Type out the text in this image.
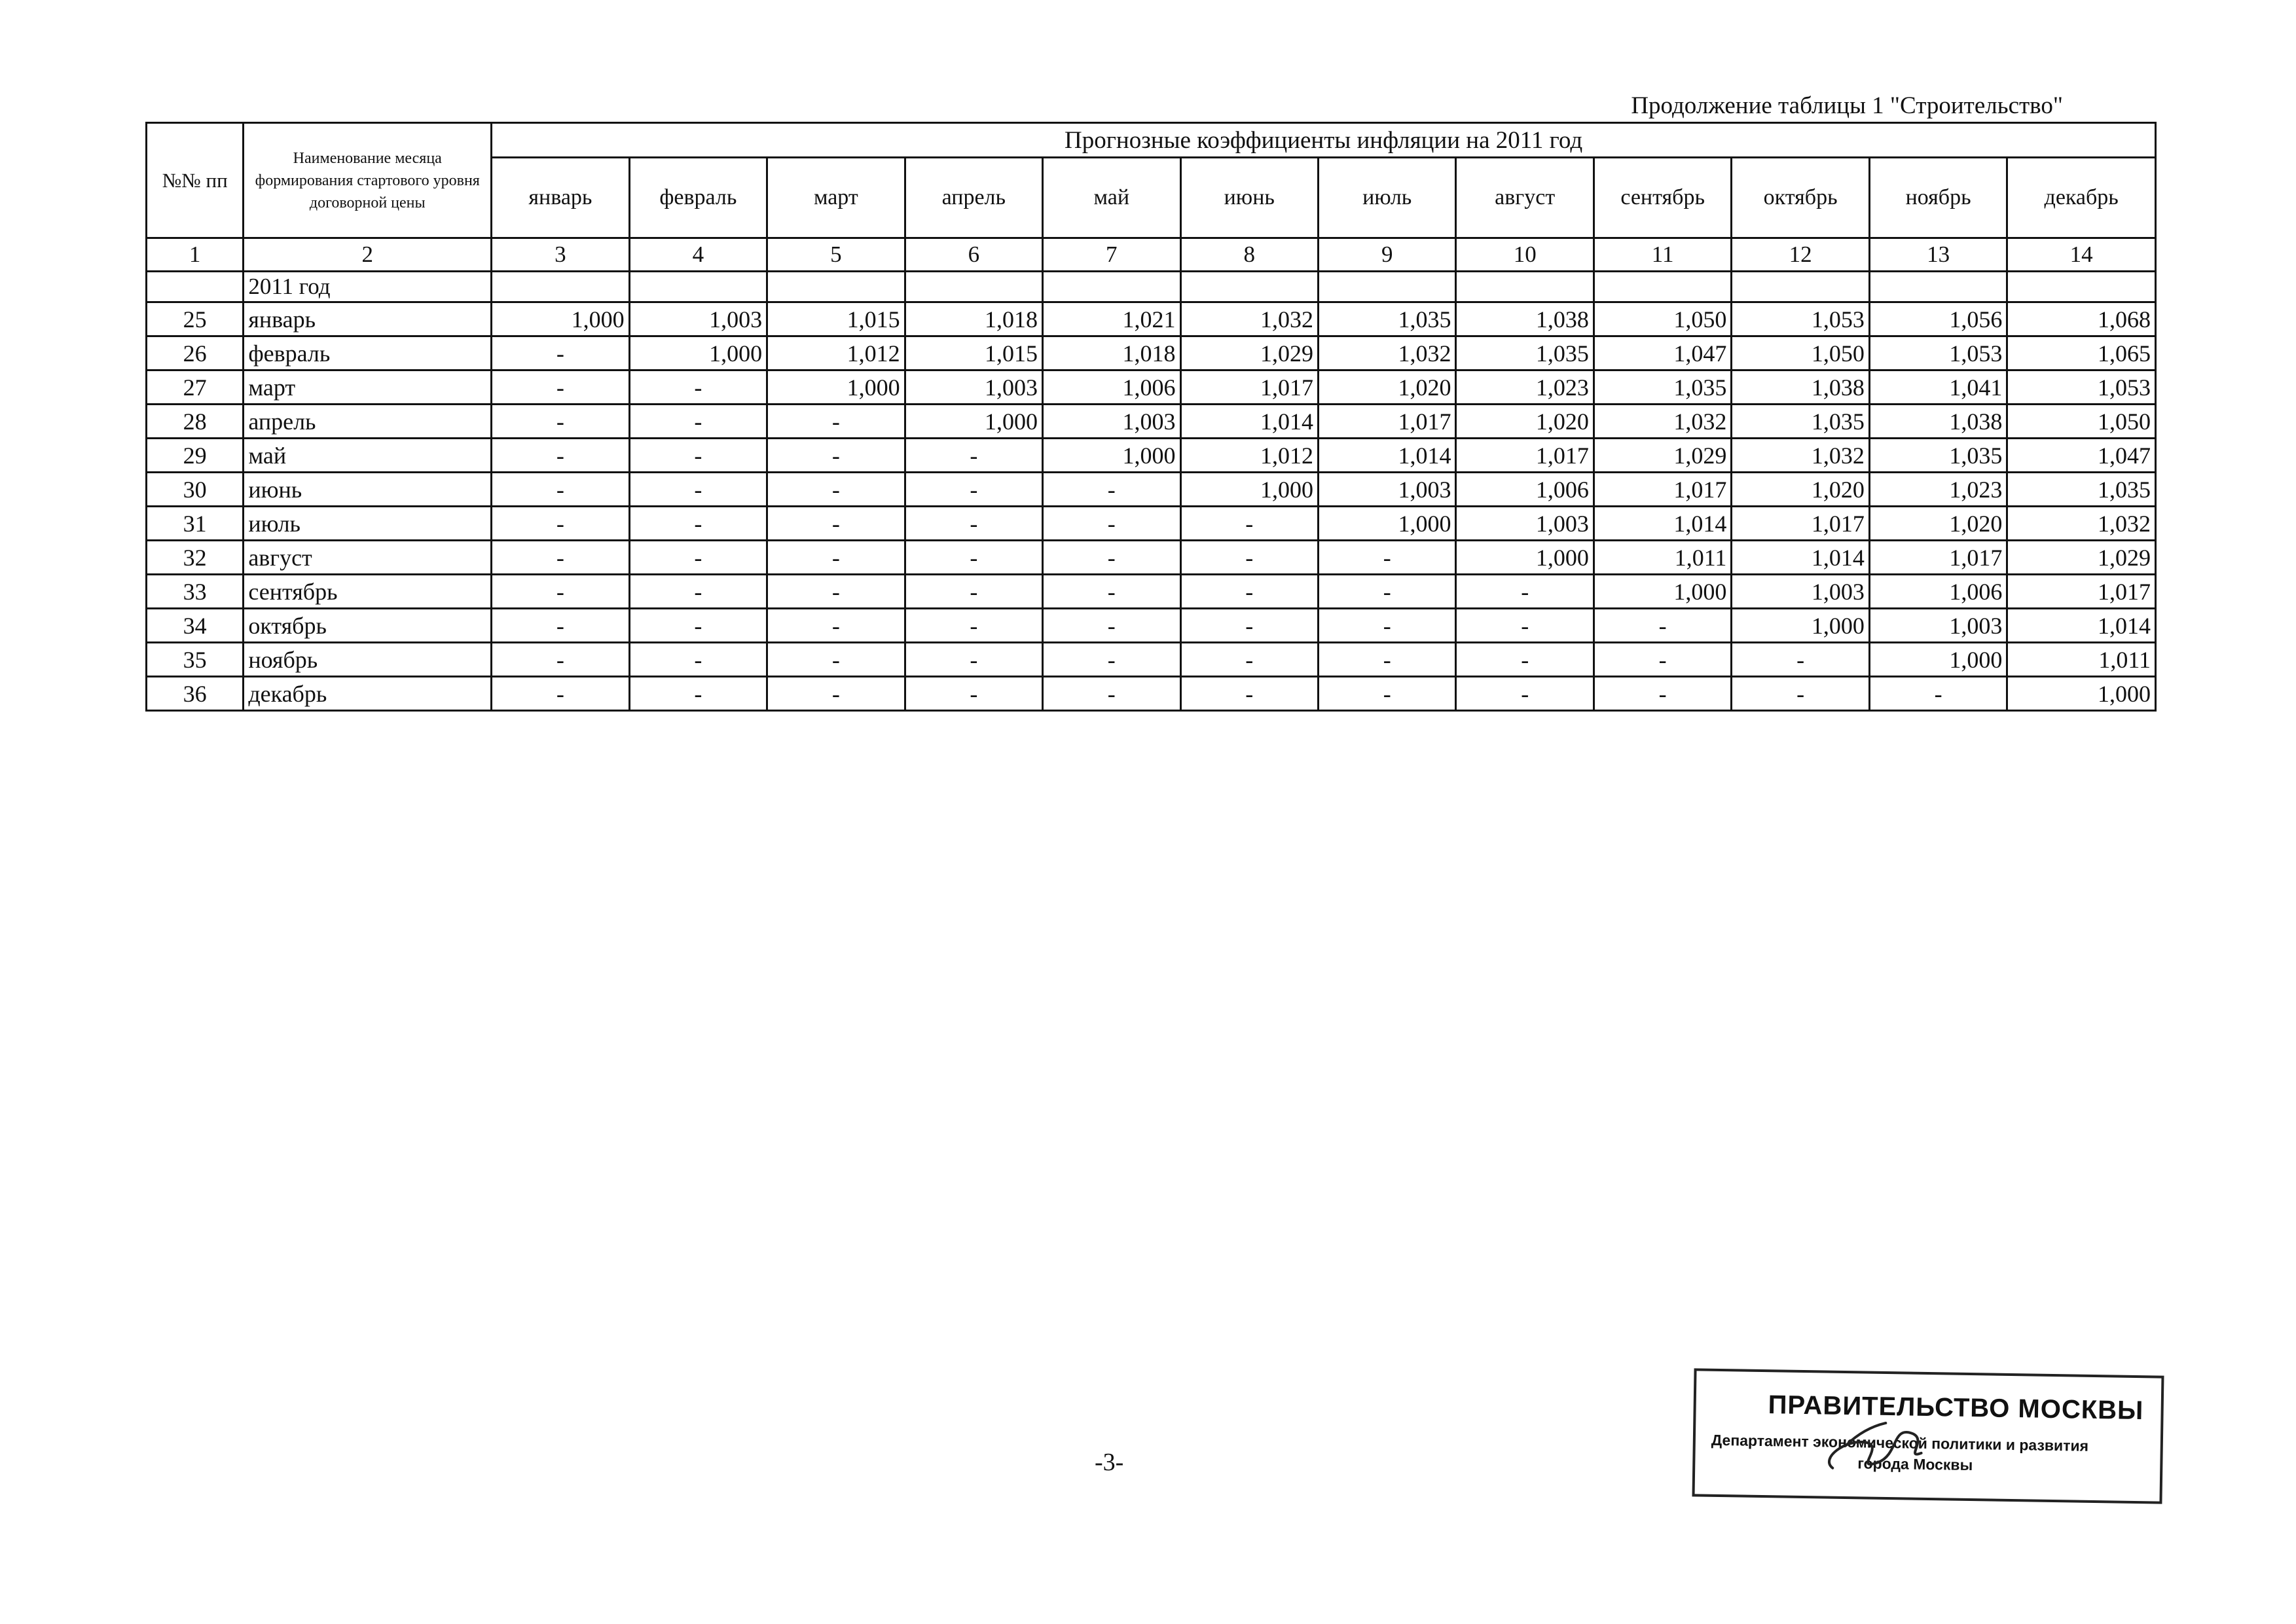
Продолжение таблицы 1 "Строительство"
№№ пп	Наименование месяца формирования стартового уровня договорной цены	Прогнозные коэффициенты инфляции на 2011 год											
		январь	февраль	март	апрель	май	июнь	июль	август	сентябрь	октябрь	ноябрь	декабрь
1	2	3	4	5	6	7	8	9	10	11	12	13	14
	2011 год												
25	январь	1,000	1,003	1,015	1,018	1,021	1,032	1,035	1,038	1,050	1,053	1,056	1,068
26	февраль	-	1,000	1,012	1,015	1,018	1,029	1,032	1,035	1,047	1,050	1,053	1,065
27	март	-	-	1,000	1,003	1,006	1,017	1,020	1,023	1,035	1,038	1,041	1,053
28	апрель	-	-	-	1,000	1,003	1,014	1,017	1,020	1,032	1,035	1,038	1,050
29	май	-	-	-	-	1,000	1,012	1,014	1,017	1,029	1,032	1,035	1,047
30	июнь	-	-	-	-	-	1,000	1,003	1,006	1,017	1,020	1,023	1,035
31	июль	-	-	-	-	-	-	1,000	1,003	1,014	1,017	1,020	1,032
32	август	-	-	-	-	-	-	-	1,000	1,011	1,014	1,017	1,029
33	сентябрь	-	-	-	-	-	-	-	-	1,000	1,003	1,006	1,017
34	октябрь	-	-	-	-	-	-	-	-	-	1,000	1,003	1,014
35	ноябрь	-	-	-	-	-	-	-	-	-	-	1,000	1,011
36	декабрь	-	-	-	-	-	-	-	-	-	-	-	1,000
-3-
ПРАВИТЕЛЬСТВО МОСКВЫ
Департамент экономической политики и развития
города Москвы
